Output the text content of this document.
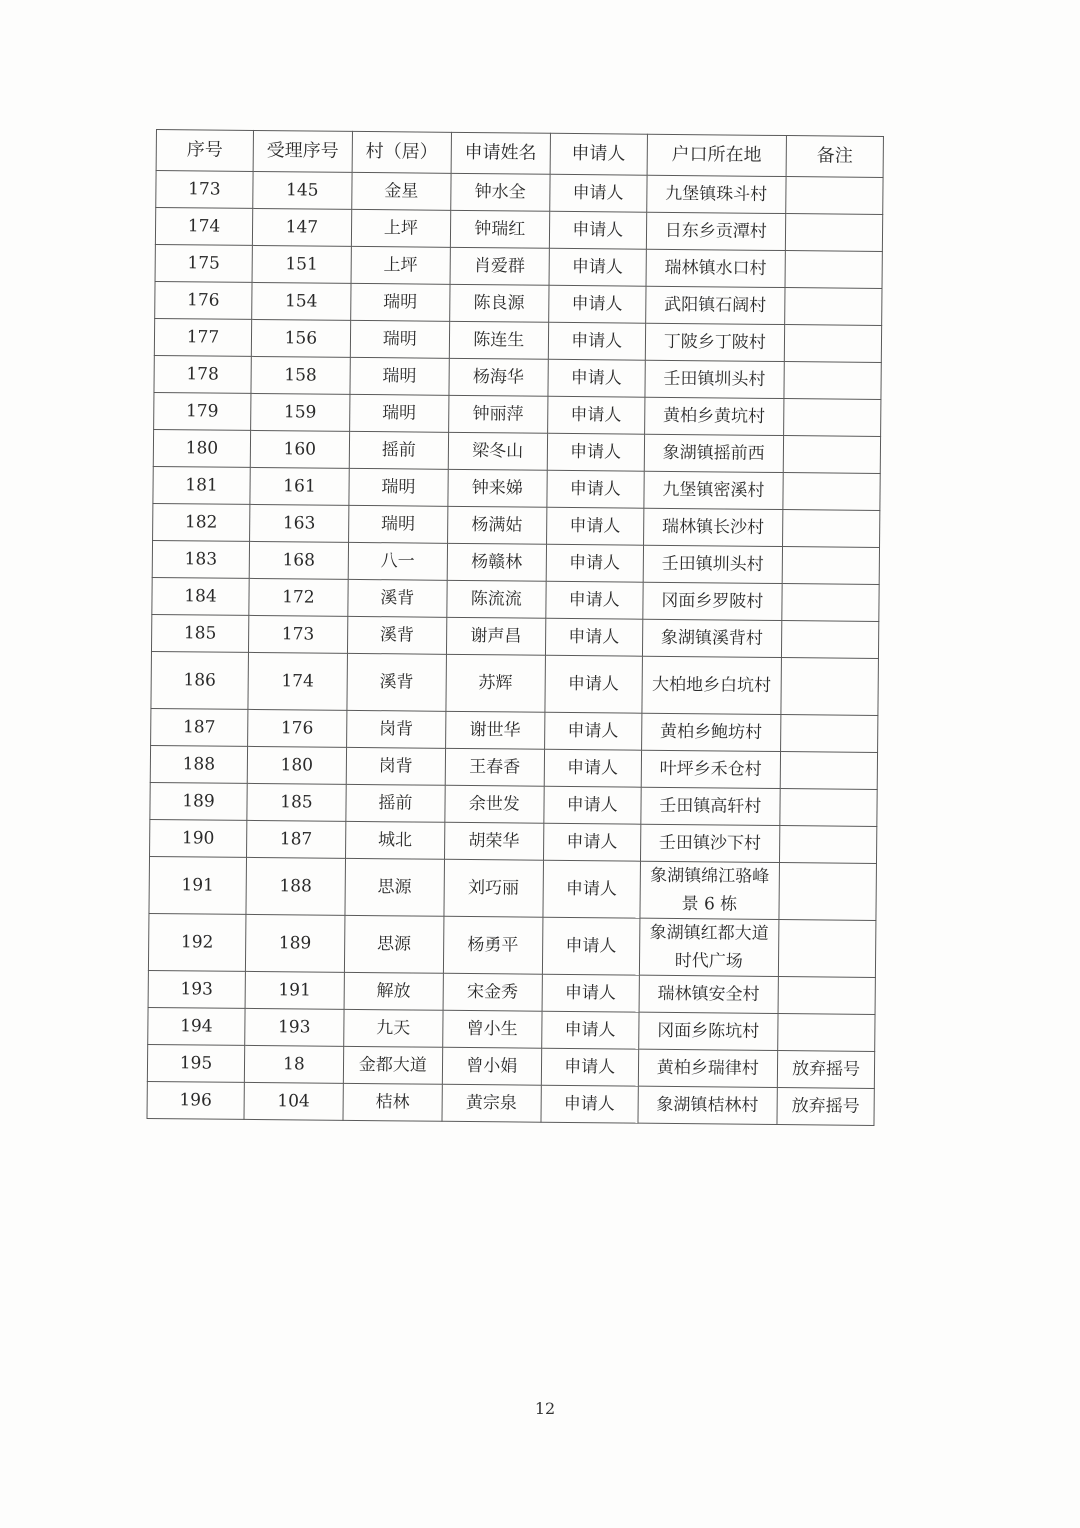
序号	受理序号	村（居）	申请姓名	申请人	户口所在地	备注
173	145	金星	钟水全	申请人	九堡镇珠斗村	
174	147	上坪	钟瑞红	申请人	日东乡贡潭村	
175	151	上坪	肖爱群	申请人	瑞林镇水口村	
176	154	瑞明	陈良源	申请人	武阳镇石阔村	
177	156	瑞明	陈连生	申请人	丁陂乡丁陂村	
178	158	瑞明	杨海华	申请人	壬田镇圳头村	
179	159	瑞明	钟丽萍	申请人	黄柏乡黄坑村	
180	160	摇前	梁冬山	申请人	象湖镇摇前西	
181	161	瑞明	钟来娣	申请人	九堡镇密溪村	
182	163	瑞明	杨满姑	申请人	瑞林镇长沙村	
183	168	八一	杨赣林	申请人	壬田镇圳头村	
184	172	溪背	陈流流	申请人	冈面乡罗陂村	
185	173	溪背	谢声昌	申请人	象湖镇溪背村	
186	174	溪背	苏辉	申请人	大柏地乡白坑村	
187	176	岗背	谢世华	申请人	黄柏乡鲍坊村	
188	180	岗背	王春香	申请人	叶坪乡禾仓村	
189	185	摇前	余世发	申请人	壬田镇高轩村	
190	187	城北	胡荣华	申请人	壬田镇沙下村	
191	188	思源	刘巧丽	申请人	象湖镇绵江骆峰景 6 栋	
192	189	思源	杨勇平	申请人	象湖镇红都大道时代广场	
193	191	解放	宋金秀	申请人	瑞林镇安全村	
194	193	九天	曾小生	申请人	冈面乡陈坑村	
195	18	金都大道	曾小娟	申请人	黄柏乡瑞律村	放弃摇号
196	104	桔林	黄宗泉	申请人	象湖镇桔林村	放弃摇号
12
